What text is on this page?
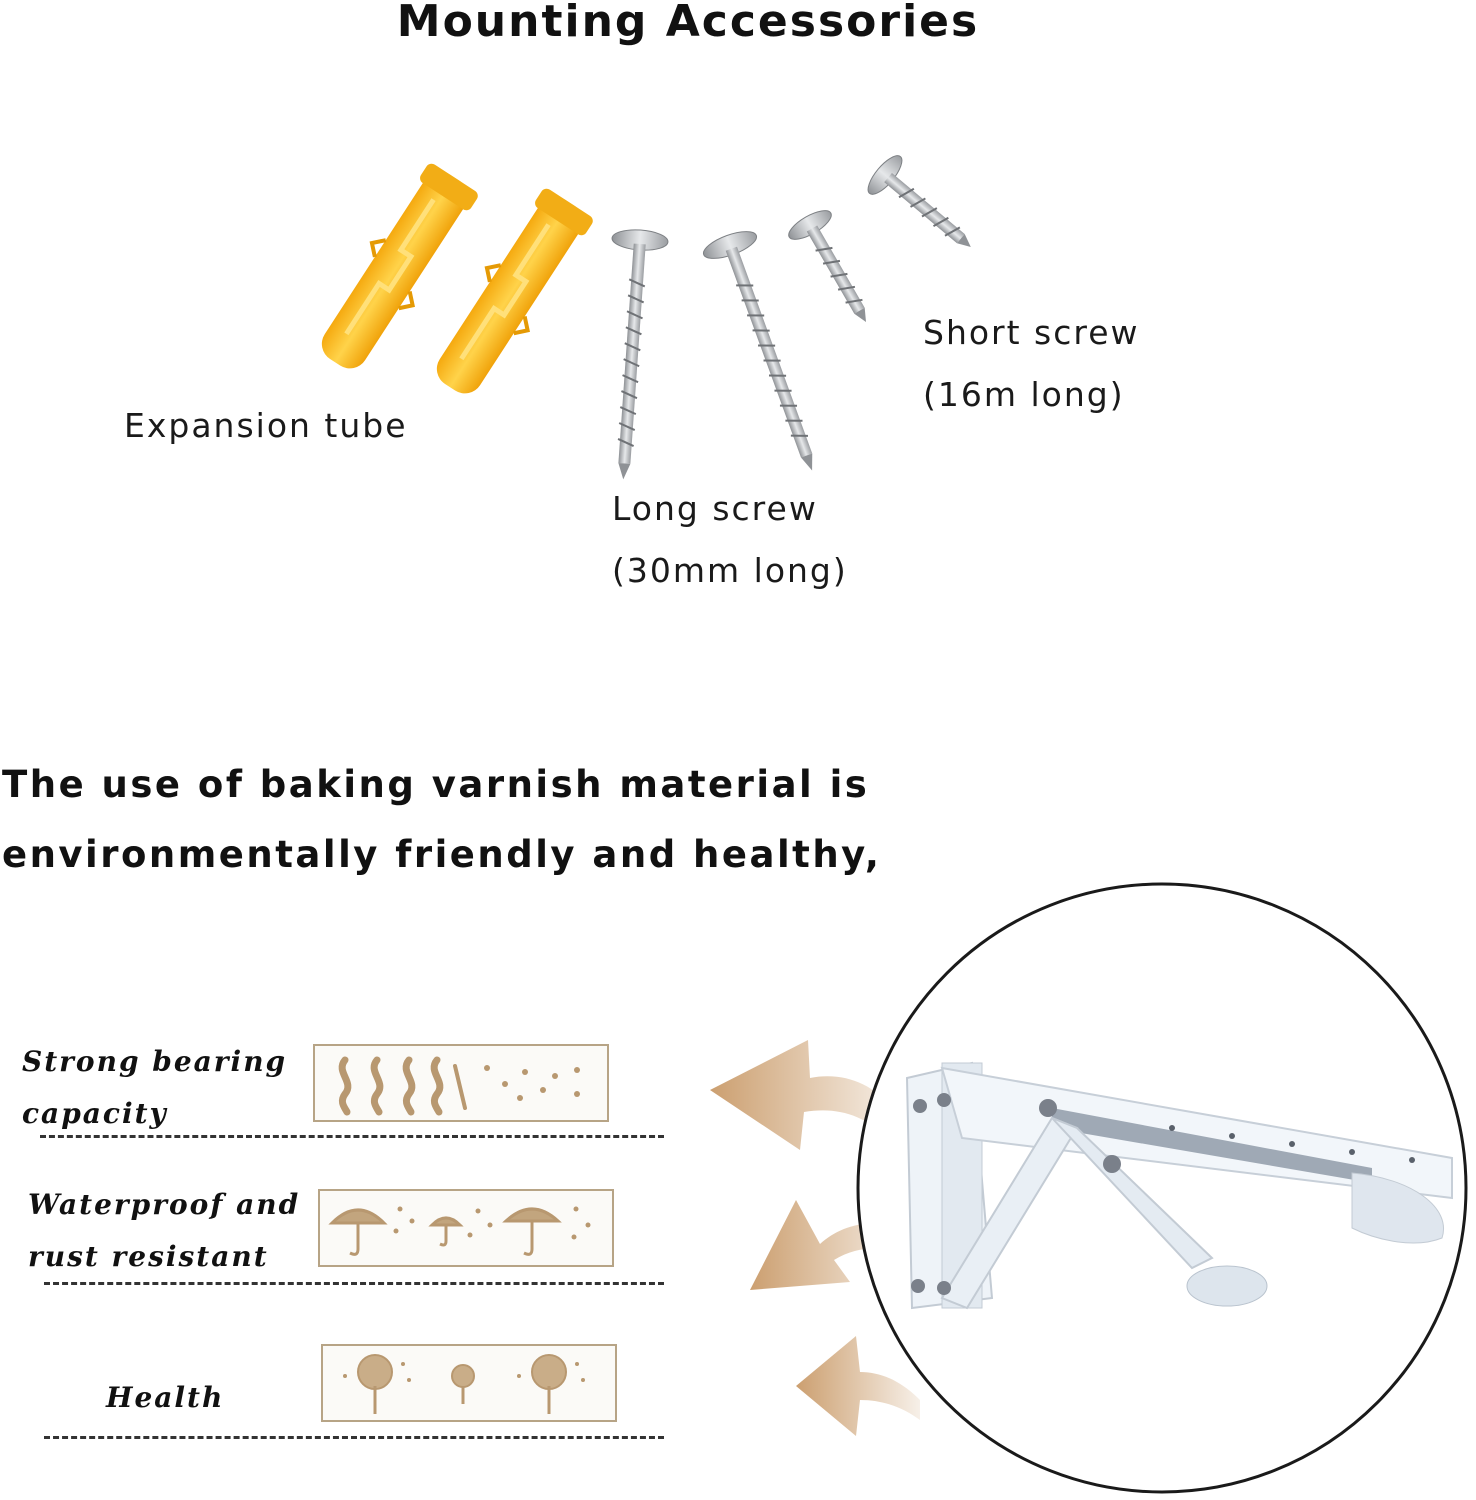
Mounting Accessories
Expansion tube
Long screw
(30mm long)
Short screw
(16m long)
The use of baking varnish material is
environmentally friendly and healthy,
Strong bearing
capacity
Waterproof and
rust resistant
Health
